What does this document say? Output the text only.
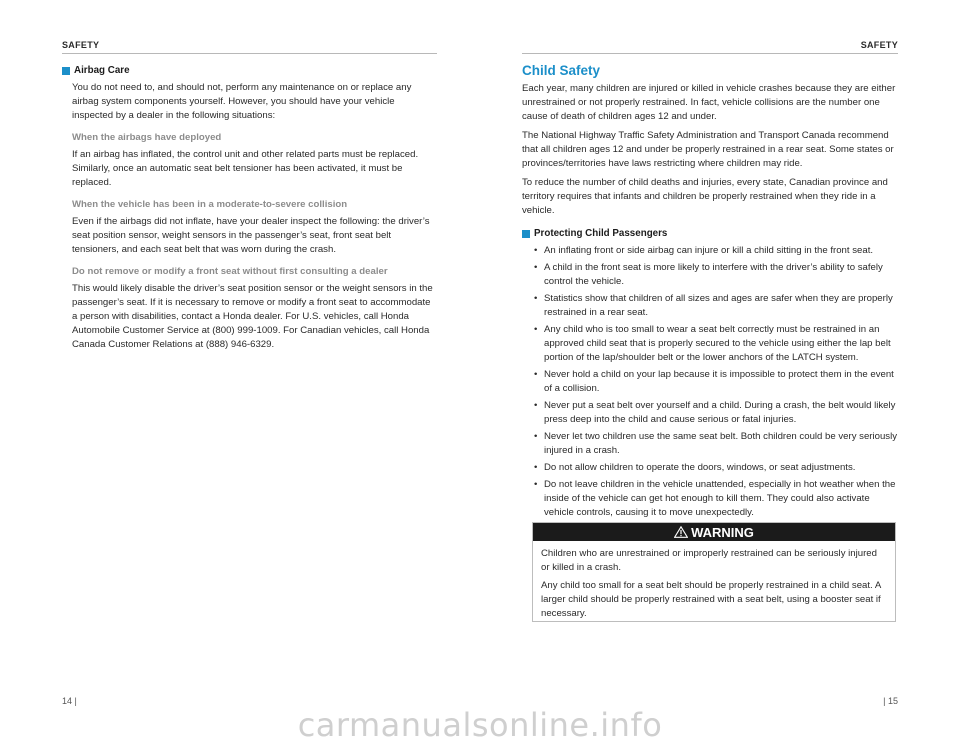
SAFETY
Airbag Care

You do not need to, and should not, perform any maintenance on or replace any airbag system components yourself. However, you should have your vehicle inspected by a dealer in the following situations:

When the airbags have deployed

If an airbag has inflated, the control unit and other related parts must be replaced. Similarly, once an automatic seat belt tensioner has been activated, it must be replaced.

When the vehicle has been in a moderate-to-severe collision

Even if the airbags did not inflate, have your dealer inspect the following: the driver’s seat position sensor, weight sensors in the passenger’s seat, front seat belt tensioners, and each seat belt that was worn during the crash.

Do not remove or modify a front seat without first consulting a dealer

This would likely disable the driver’s seat position sensor or the weight sensors in the passenger’s seat. If it is necessary to remove or modify a front seat to accommodate a person with disabilities, contact a Honda dealer. For U.S. vehicles, call Honda Automobile Customer Service at (800) 999-1009. For Canadian vehicles, call Honda Canada Customer Relations at (888) 946-6329.

14 |
SAFETY
Child Safety

Each year, many children are injured or killed in vehicle crashes because they are either unrestrained or not properly restrained. In fact, vehicle collisions are the number one cause of death of children ages 12 and under.

The National Highway Traffic Safety Administration and Transport Canada recommend that all children ages 12 and under be properly restrained in a rear seat. Some states or provinces/territories have laws restricting where children may ride.

To reduce the number of child deaths and injuries, every state, Canadian province and territory requires that infants and children be properly restrained when they ride in a vehicle.

Protecting Child Passengers
• An inflating front or side airbag can injure or kill a child sitting in the front seat.
• A child in the front seat is more likely to interfere with the driver’s ability to safely control the vehicle.
• Statistics show that children of all sizes and ages are safer when they are properly restrained in a rear seat.
• Any child who is too small to wear a seat belt correctly must be restrained in an approved child seat that is properly secured to the vehicle using either the lap belt portion of the lap/shoulder belt or the lower anchors of the LATCH system.
• Never hold a child on your lap because it is impossible to protect them in the event of a collision.
• Never put a seat belt over yourself and a child. During a crash, the belt would likely press deep into the child and cause serious or fatal injuries.
• Never let two children use the same seat belt. Both children could be very seriously injured in a crash.
• Do not allow children to operate the doors, windows, or seat adjustments.
• Do not leave children in the vehicle unattended, especially in hot weather when the inside of the vehicle can get hot enough to kill them. They could also activate vehicle controls, causing it to move unexpectedly.
WARNING

Children who are unrestrained or improperly restrained can be seriously injured or killed in a crash.

Any child too small for a seat belt should be properly restrained in a child seat. A larger child should be properly restrained with a seat belt, using a booster seat if necessary.

| 15
carmanualsonline.info
